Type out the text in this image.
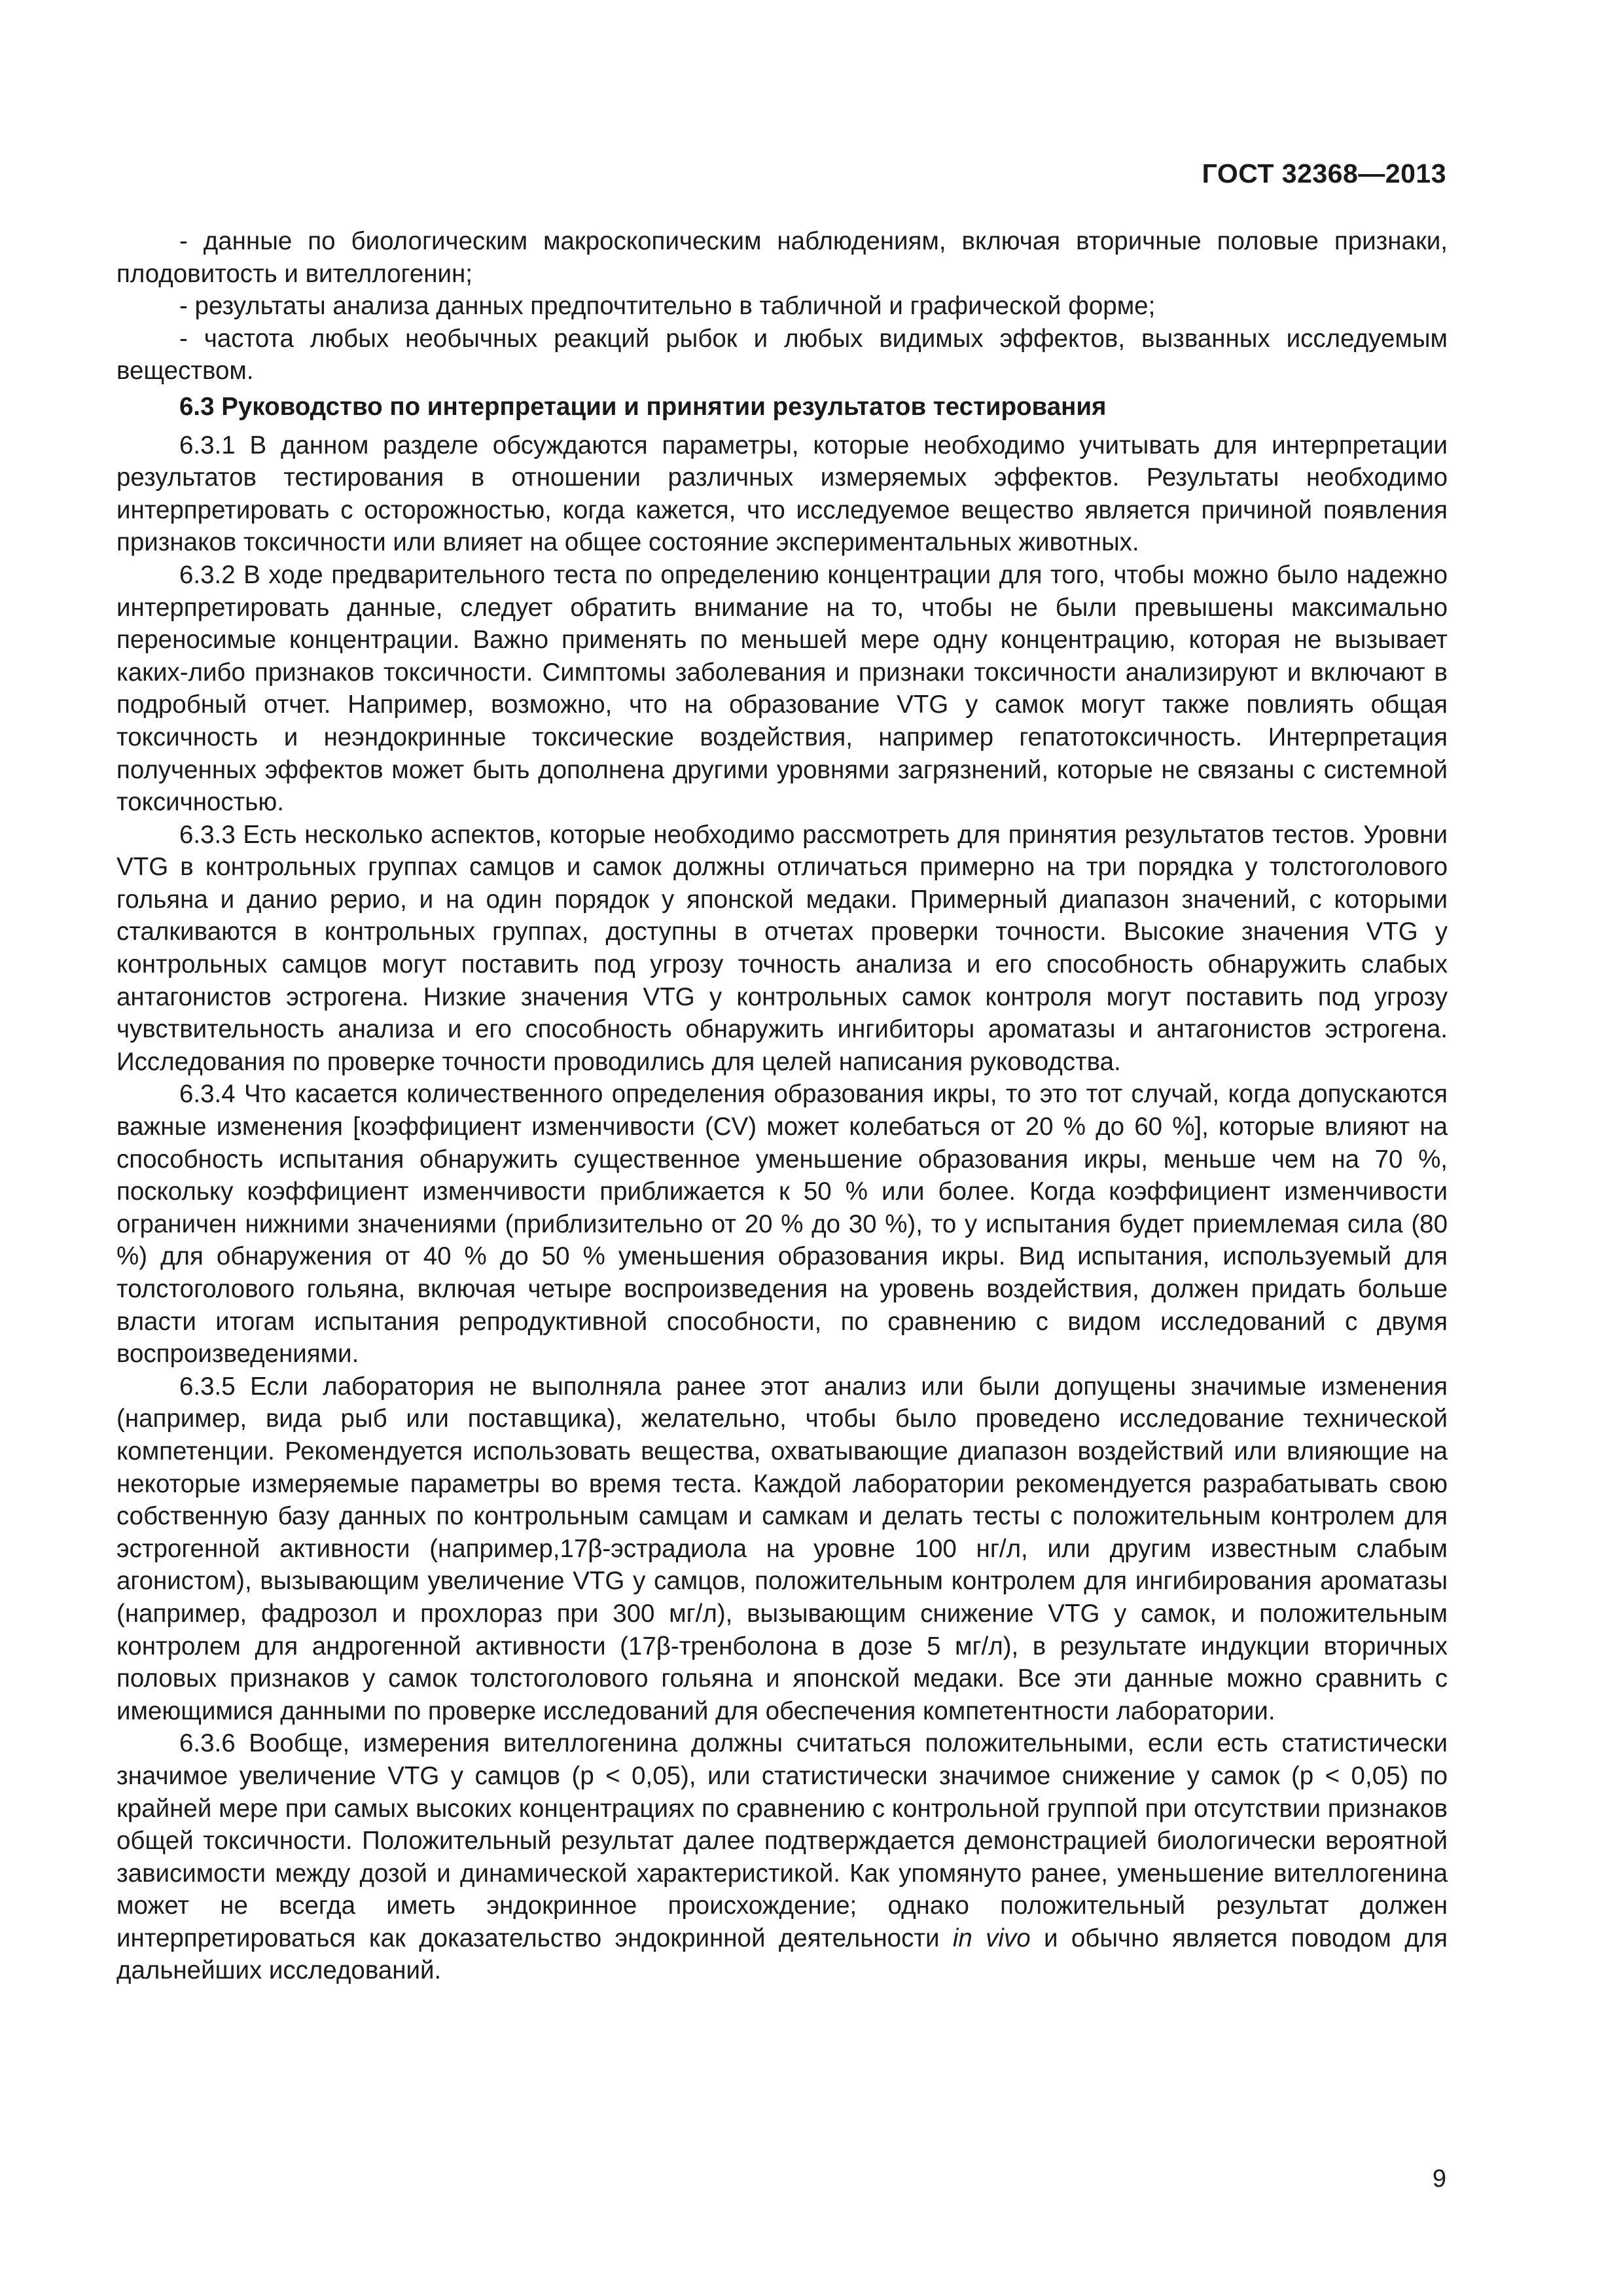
ГОСТ 32368—2013

- данные по биологическим макроскопическим наблюдениям, включая вторичные половые признаки, плодовитость и вителлогенин;

- результаты анализа данных предпочтительно в табличной и графической форме;

- частота любых необычных реакций рыбок и любых видимых эффектов, вызванных исследуемым веществом.

6.3 Руководство по интерпретации и принятии результатов тестирования

6.3.1 В данном разделе обсуждаются параметры, которые необходимо учитывать для интерпретации результатов тестирования в отношении различных измеряемых эффектов. Результаты необходимо интерпретировать с осторожностью, когда кажется, что исследуемое вещество является причиной появления признаков токсичности или влияет на общее состояние экспериментальных животных.

6.3.2 В ходе предварительного теста по определению концентрации для того, чтобы можно было надежно интерпретировать данные, следует обратить внимание на то, чтобы не были превышены максимально переносимые концентрации. Важно применять по меньшей мере одну концентрацию, которая не вызывает каких-либо признаков токсичности. Симптомы заболевания и признаки токсичности анализируют и включают в подробный отчет. Например, возможно, что на образование VTG у самок могут также повлиять общая токсичность и неэндокринные токсические воздействия, например гепатотоксичность. Интерпретация полученных эффектов может быть дополнена другими уровнями загрязнений, которые не связаны с системной токсичностью.

6.3.3 Есть несколько аспектов, которые необходимо рассмотреть для принятия результатов тестов. Уровни VTG в контрольных группах самцов и самок должны отличаться примерно на три порядка у толстоголового гольяна и данио рерио, и на один порядок у японской медаки. Примерный диапазон значений, с которыми сталкиваются в контрольных группах, доступны в отчетах проверки точности. Высокие значения VTG у контрольных самцов могут поставить под угрозу точность анализа и его способность обнаружить слабых антагонистов эстрогена. Низкие значения VTG у контрольных самок контроля могут поставить под угрозу чувствительность анализа и его способность обнаружить ингибиторы ароматазы и антагонистов эстрогена. Исследования по проверке точности проводились для целей написания руководства.

6.3.4 Что касается количественного определения образования икры, то это тот случай, когда допускаются важные изменения [коэффициент изменчивости (CV) может колебаться от 20 % до 60 %], которые влияют на способность испытания обнаружить существенное уменьшение образования икры, меньше чем на 70 %, поскольку коэффициент изменчивости приближается к 50 % или более. Когда коэффициент изменчивости ограничен нижними значениями (приблизительно от 20 % до 30 %), то у испытания будет приемлемая сила (80 %) для обнаружения от 40 % до 50 % уменьшения образования икры. Вид испытания, используемый для толстоголового гольяна, включая четыре воспроизведения на уровень воздействия, должен придать больше власти итогам испытания репродуктивной способности, по сравнению с видом исследований с двумя воспроизведениями.

6.3.5 Если лаборатория не выполняла ранее этот анализ или были допущены значимые изменения (например, вида рыб или поставщика), желательно, чтобы было проведено исследование технической компетенции. Рекомендуется использовать вещества, охватывающие диапазон воздействий или влияющие на некоторые измеряемые параметры во время теста. Каждой лаборатории рекомендуется разрабатывать свою собственную базу данных по контрольным самцам и самкам и делать тесты с положительным контролем для эстрогенной активности (например,17β-эстрадиола на уровне 100 нг/л, или другим известным слабым агонистом), вызывающим увеличение VTG у самцов, положительным контролем для ингибирования ароматазы (например, фадрозол и прохлораз при 300 мг/л), вызывающим снижение VTG у самок, и положительным контролем для андрогенной активности (17β-тренболона в дозе 5 мг/л), в результате индукции вторичных половых признаков у самок толстоголового гольяна и японской медаки. Все эти данные можно сравнить с имеющимися данными по проверке исследований для обеспечения компетентности лаборатории.

6.3.6 Вообще, измерения вителлогенина должны считаться положительными, если есть статистически значимое увеличение VTG у самцов (р < 0,05), или статистически значимое снижение у самок (р < 0,05) по крайней мере при самых высоких концентрациях по сравнению с контрольной группой при отсутствии признаков общей токсичности. Положительный результат далее подтверждается демонстрацией биологически вероятной зависимости между дозой и динамической характеристикой. Как упомянуто ранее, уменьшение вителлогенина может не всегда иметь эндокринное происхождение; однако положительный результат должен интерпретироваться как доказательство эндокринной деятельности in vivo и обычно является поводом для дальнейших исследований.

9
